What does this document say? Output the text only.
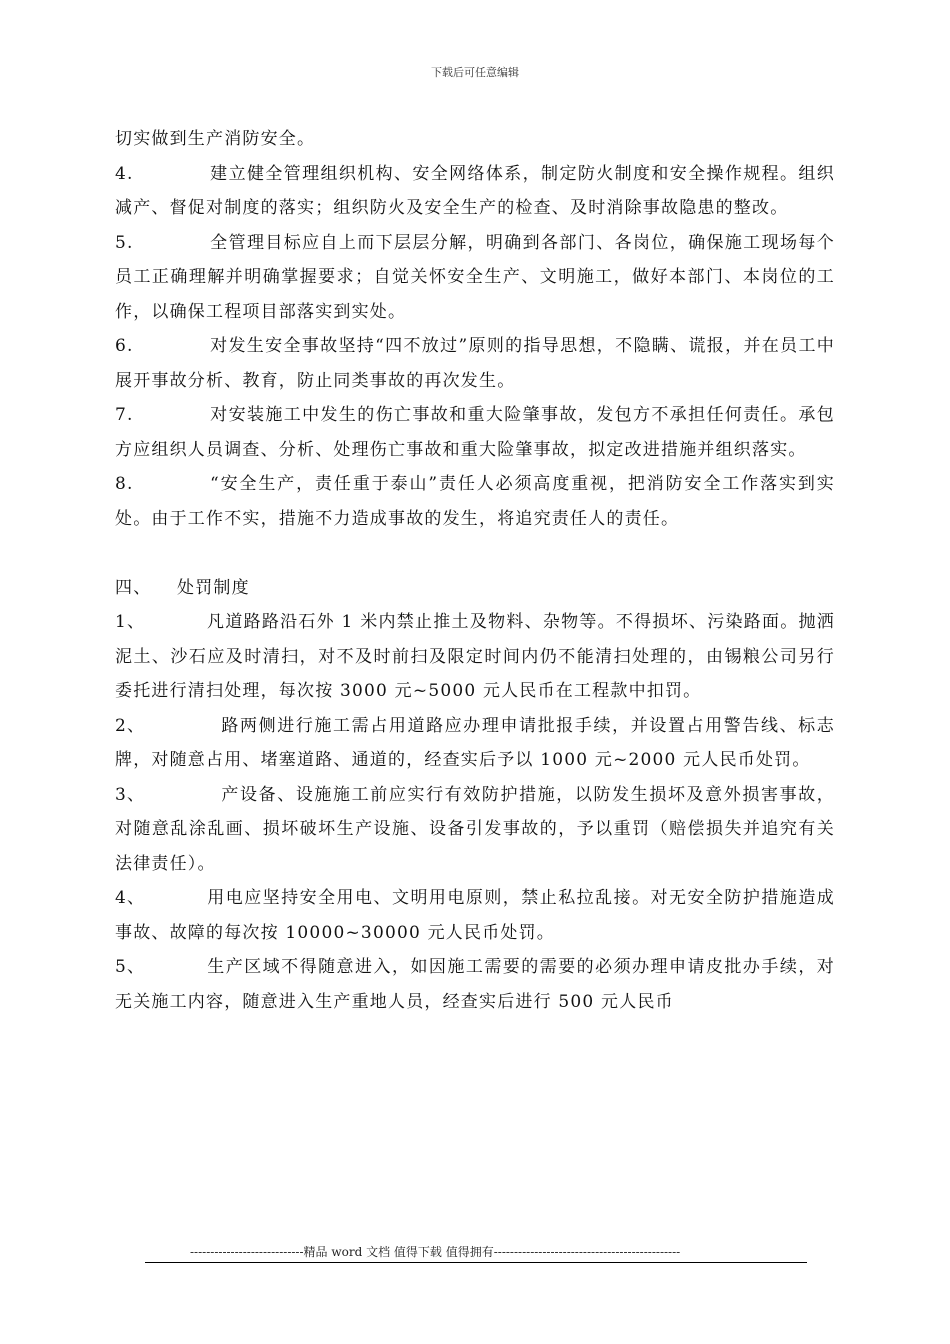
下载后可任意编辑

切实做到生产消防安全。

4.	建立健全管理组织机构、安全网络体系，制定防火制度和安全操作规程。组织减产、督促对制度的落实；组织防火及安全生产的检查、及时消除事故隐患的整改。

5.	全管理目标应自上而下层层分解，明确到各部门、各岗位，确保施工现场每个员工正确理解并明确掌握要求；自觉关怀安全生产、文明施工，做好本部门、本岗位的工作，以确保工程项目部落实到实处。

6.	对发生安全事故坚持“四不放过”原则的指导思想，不隐瞒、谎报，并在员工中展开事故分析、教育，防止同类事故的再次发生。

7.	对安装施工中发生的伤亡事故和重大险肇事故，发包方不承担任何责任。承包方应组织人员调查、分析、处理伤亡事故和重大险肇事故，拟定改进措施并组织落实。

8.	“安全生产，责任重于泰山”责任人必须高度重视，把消防安全工作落实到实处。由于工作不实，措施不力造成事故的发生，将追究责任人的责任。

四、 处罚制度

1、	凡道路路沿石外 1 米内禁止推土及物料、杂物等。不得损坏、污染路面。抛洒泥土、沙石应及时清扫，对不及时前扫及限定时间内仍不能清扫处理的，由锡粮公司另行委托进行清扫处理，每次按 3000 元~5000 元人民币在工程款中扣罚。

2、	路两侧进行施工需占用道路应办理申请批报手续，并设置占用警告线、标志牌，对随意占用、堵塞道路、通道的，经查实后予以 1000 元~2000 元人民币处罚。

3、	产设备、设施施工前应实行有效防护措施，以防发生损坏及意外损害事故，对随意乱涂乱画、损坏破坏生产设施、设备引发事故的，予以重罚（赔偿损失并追究有关法律责任）。

4、	用电应坚持安全用电、文明用电原则，禁止私拉乱接。对无安全防护措施造成事故、故障的每次按 10000~30000 元人民币处罚。

5、	生产区域不得随意进入，如因施工需要的需要的必须办理申请皮批办手续，对无关施工内容，随意进入生产重地人员，经查实后进行 500 元人民币

----------------------------精品 word 文档 值得下载 值得拥有----------------------------------------------
